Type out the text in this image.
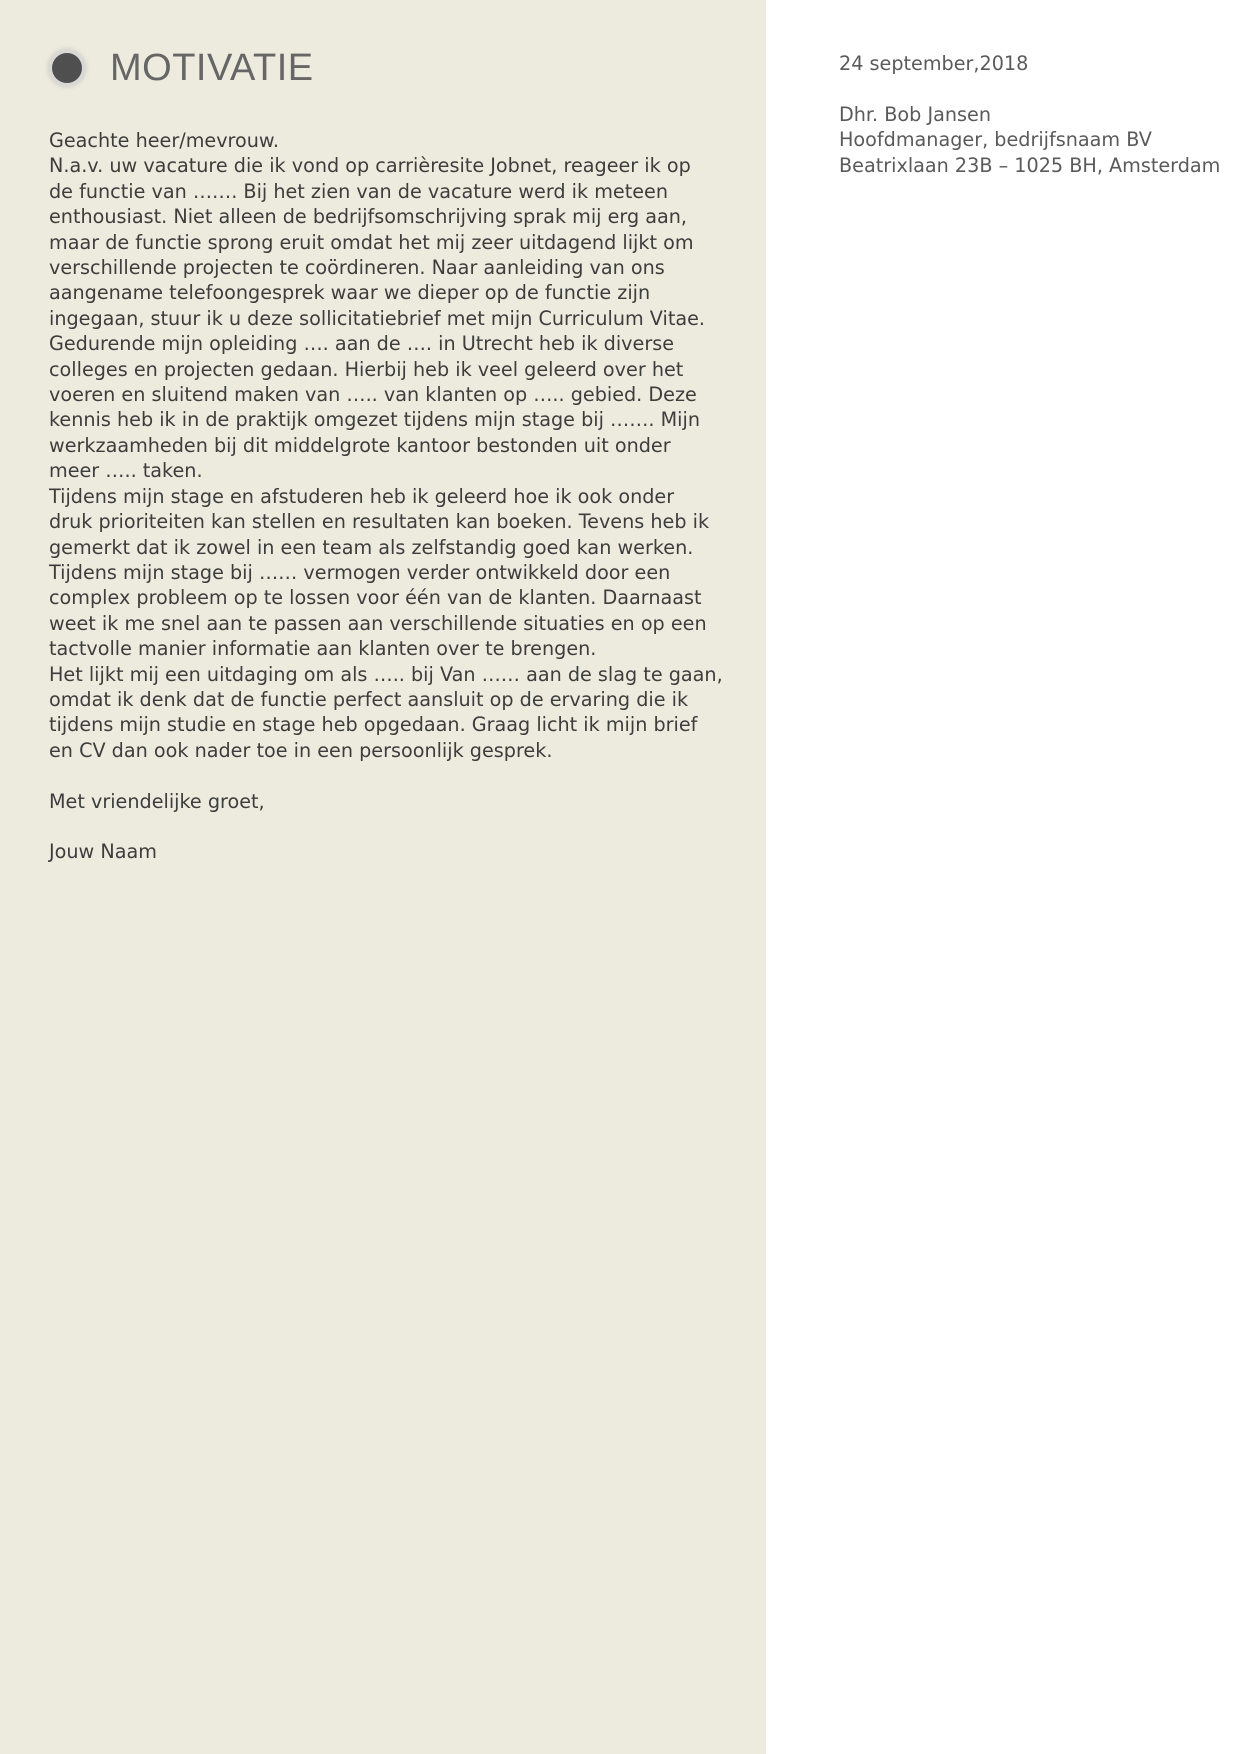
MOTIVATIE

Geachte heer/mevrouw.

N.a.v. uw vacature die ik vond op carrièresite Jobnet, reageer ik op
de functie van ……. Bij het zien van de vacature werd ik meteen
enthousiast. Niet alleen de bedrijfsomschrijving sprak mij erg aan,
maar de functie sprong eruit omdat het mij zeer uitdagend lijkt om
verschillende projecten te coördineren. Naar aanleiding van ons
aangename telefoongesprek waar we dieper op de functie zijn
ingegaan, stuur ik u deze sollicitatiebrief met mijn Curriculum Vitae.
Gedurende mijn opleiding …. aan de …. in Utrecht heb ik diverse
colleges en projecten gedaan. Hierbij heb ik veel geleerd over het
voeren en sluitend maken van ….. van klanten op ….. gebied. Deze
kennis heb ik in de praktijk omgezet tijdens mijn stage bij ……. Mijn
werkzaamheden bij dit middelgrote kantoor bestonden uit onder
meer ….. taken.

Tijdens mijn stage en afstuderen heb ik geleerd hoe ik ook onder
druk prioriteiten kan stellen en resultaten kan boeken. Tevens heb ik
gemerkt dat ik zowel in een team als zelfstandig goed kan werken.
Tijdens mijn stage bij …… vermogen verder ontwikkeld door een
complex probleem op te lossen voor één van de klanten. Daarnaast
weet ik me snel aan te passen aan verschillende situaties en op een
tactvolle manier informatie aan klanten over te brengen.

Het lijkt mij een uitdaging om als ….. bij Van …… aan de slag te gaan,
omdat ik denk dat de functie perfect aansluit op de ervaring die ik
tijdens mijn studie en stage heb opgedaan. Graag licht ik mijn brief
en CV dan ook nader toe in een persoonlijk gesprek.

Met vriendelijke groet,

Jouw Naam

24 september,2018
Dhr. Bob Jansen
Hoofdmanager, bedrijfsnaam BV
Beatrixlaan 23B – 1025 BH, Amsterdam
